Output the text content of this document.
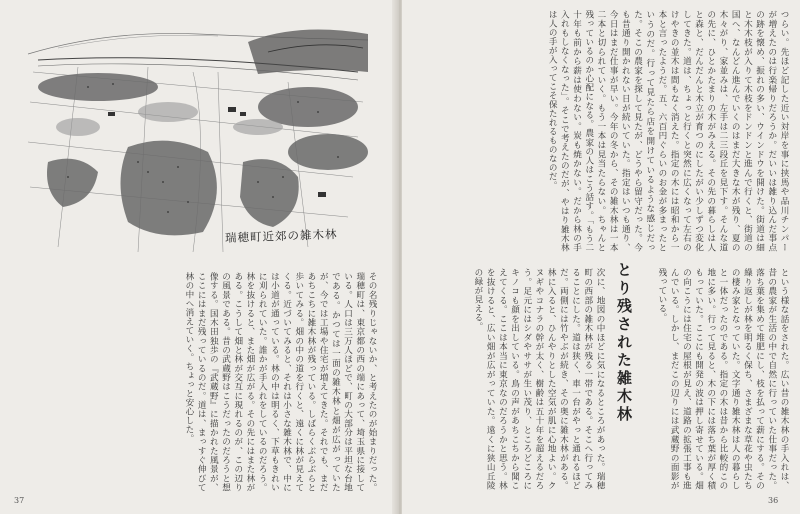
瑞穂町近郊の雑木林
その名残りじゃないか、と考えたのが始まりだった。瑞穂町は、東京都の西の端にあって、埼玉県に接している。人口は三万人ほどで、町の大部分は平坦な台地である。かつては一面の雑木林と畑が広がっていたが、今では工場や住宅が増えてきた。それでも、まだあちこちに雑木林が残っている。しばらくぶらぶらと歩いてみる。畑の中の道を行くと、遠くに林が見えてくる。近づいてみると、それは小さな雑木林で、中には小道が通っている。林の中は明るく、下草もきれいに刈られていた。誰かが手入れをしているのだろう。林を抜けると、また畑が広がる。その先にはまた林がある。こうして畑と林が交互に現れるのが、この辺りの風景である。昔の武蔵野はこうだったのだろうと想像する。国木田独歩の『武蔵野』に描かれた風景が、ここにはまだ残っているのだ。道は、まっすぐ伸びて林の中へ消えていく。ちょっと安心した。
37
つらい。先ほど記した近い対岸を事に挟馬や品川チンパーが増えたのは行楽帰りだろうか。だいいは雑り込んだ事点の跡を懐め、振れの多い、ウインドウを開けた。街道は細と木木枝が入りて木枝をドンドンと進んで行くと、街道の国へ、なんどん進んでいくのはまだ大きな木が残り、夏の木々がり、家並みは、左手は二三段丘を見下す。そんな道の先に、ひとかたまりの木がみえる。その先の暮らしは人と森と、だんだんと木立が育つのにしたがい少しずつ変化してきた。道は、ちょっと行くと突然に広くなって左右のけやきの並木は間もなく消えた。指定の木には昭和から一本と言ったようだ。五、六百円ぐらいのお金が多まったというのだ。行って見たら店を開けているような感じだった。そこの農家を探して見たが、どうやら留守だった。今も昔通り開かれない日が続いていた。指定はいつも通り、今日はまだ仕事が早い。今年の冬から、その雑木林は一本二本と切られていく。もう一本は見当たらない。ちゃんと残っているのか心配になる。農家の人はこう話す。「もう二十年も前から薪は使わない。炭も焼かない。だから林の手入れもしなくなった」。そこで考えたのだが、やはり雑木林は人の手が入ってこそ保たれるものなのだ。
次に、地図の中ほどに気になるところがあった。瑞穂町の西部の雑木林が残る一帯である。そこへ行ってみることにした。道は狭く、車一台がやっと通れるほどだ。両側には竹やぶが続き、その奥に雑木林がある。林に入ると、ひんやりとした空気が肌に心地よい。クヌギやコナラの幹が太く、樹齢は五十年を超えるだろう。足元にはシダやササが生い茂り、ところどころにキノコも顔を出している。鳥の声があちこちから聞こえてくる。ここは本当に東京なのだろうかと思う。林を抜けると、広い畑が広がっていた。遠くに狭山丘陵の緑が見える。	とり残された雑木林	という様な話をされた。広い昔の雑木林の手入れは、昔の農家が生活の中で自然に行っていた仕事だった。落ち葉を集めて堆肥にし、枝を払って薪にする。その繰り返しが林を明るく保ち、さまざまな草花や虫たちの棲み家となっていた。文字通り雑木林は人の暮らしと一体だったのである。指定の木は昔から比較的この地に多い。行って見ると、木の下には落ち葉が厚く積もっていた。ここにも開発の波は押し寄せている。畑の向こうには住宅の屋根が見え、道路の拡張工事も進んでいる。しかし、まだこの辺りには武蔵野の面影が残っている。
36
